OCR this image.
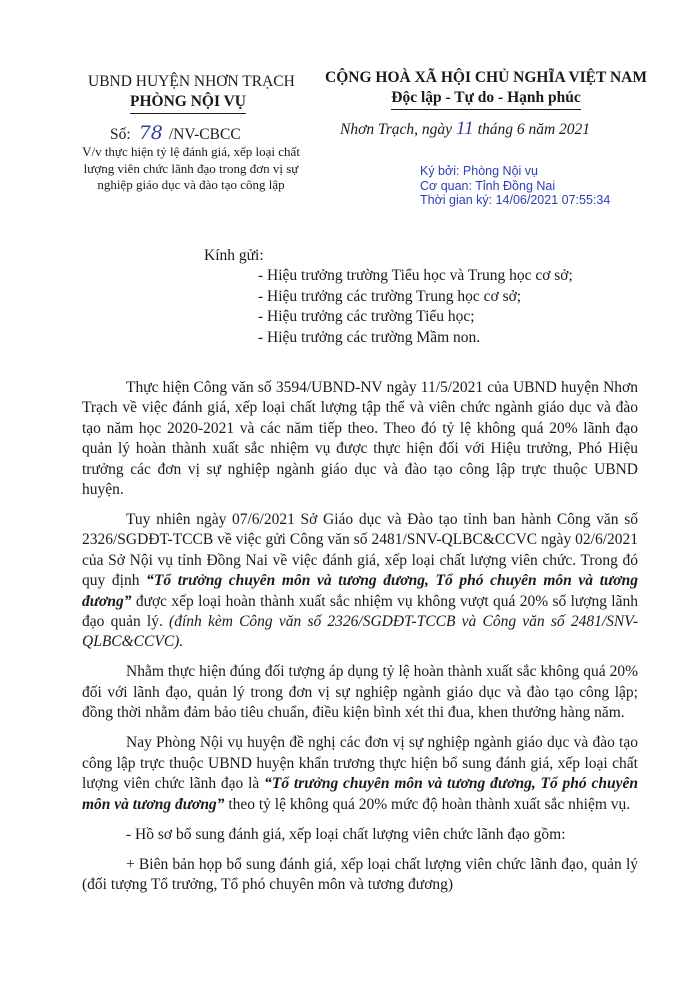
UBND HUYỆN NHƠN TRẠCH
PHÒNG NỘI VỤ
CỘNG HOÀ XÃ HỘI CHỦ NGHĨA VIỆT NAM
Độc lập - Tự do - Hạnh phúc
Số: 78 /NV-CBCC
V/v thực hiện tỷ lệ đánh giá, xếp loại chất lượng viên chức lãnh đạo trong đơn vị sự nghiệp giáo dục và đào tạo công lập
Nhơn Trạch, ngày 11 tháng 6 năm 2021
Ký bởi: Phòng Nội vụ
Cơ quan: Tỉnh Đồng Nai
Thời gian ký: 14/06/2021 07:55:34
Kính gửi:
- Hiệu trưởng trường Tiểu học và Trung học cơ sở;
- Hiệu trưởng các trường Trung học cơ sở;
- Hiệu trưởng các trường Tiểu học;
- Hiệu trưởng các trường Mầm non.

Thực hiện Công văn số 3594/UBND-NV ngày 11/5/2021 của UBND huyện Nhơn Trạch về việc đánh giá, xếp loại chất lượng tập thể và viên chức ngành giáo dục và đào tạo năm học 2020-2021 và các năm tiếp theo. Theo đó tỷ lệ không quá 20% lãnh đạo quản lý hoàn thành xuất sắc nhiệm vụ được thực hiện đối với Hiệu trưởng, Phó Hiệu trưởng các đơn vị sự nghiệp ngành giáo dục và đào tạo công lập trực thuộc UBND huyện.

Tuy nhiên ngày 07/6/2021 Sở Giáo dục và Đào tạo tỉnh ban hành Công văn số 2326/SGDĐT-TCCB về việc gửi Công văn số 2481/SNV-QLBC&CCVC ngày 02/6/2021 của Sở Nội vụ tỉnh Đồng Nai về việc đánh giá, xếp loại chất lượng viên chức. Trong đó quy định “Tổ trưởng chuyên môn và tương đương, Tổ phó chuyên môn và tương đương” được xếp loại hoàn thành xuất sắc nhiệm vụ không vượt quá 20% số lượng lãnh đạo quản lý. (đính kèm Công văn số 2326/SGDĐT-TCCB và Công văn số 2481/SNV-QLBC&CCVC).

Nhằm thực hiện đúng đối tượng áp dụng tỷ lệ hoàn thành xuất sắc không quá 20% đối với lãnh đạo, quản lý trong đơn vị sự nghiệp ngành giáo dục và đào tạo công lập; đồng thời nhằm đảm bảo tiêu chuẩn, điều kiện bình xét thi đua, khen thưởng hàng năm.

Nay Phòng Nội vụ huyện đề nghị các đơn vị sự nghiệp ngành giáo dục và đào tạo công lập trực thuộc UBND huyện khẩn trương thực hiện bổ sung đánh giá, xếp loại chất lượng viên chức lãnh đạo là “Tổ trưởng chuyên môn và tương đương, Tổ phó chuyên môn và tương đương” theo tỷ lệ không quá 20% mức độ hoàn thành xuất sắc nhiệm vụ.

- Hồ sơ bổ sung đánh giá, xếp loại chất lượng viên chức lãnh đạo gồm:

+ Biên bản họp bổ sung đánh giá, xếp loại chất lượng viên chức lãnh đạo, quản lý (đối tượng Tổ trưởng, Tổ phó chuyên môn và tương đương)
